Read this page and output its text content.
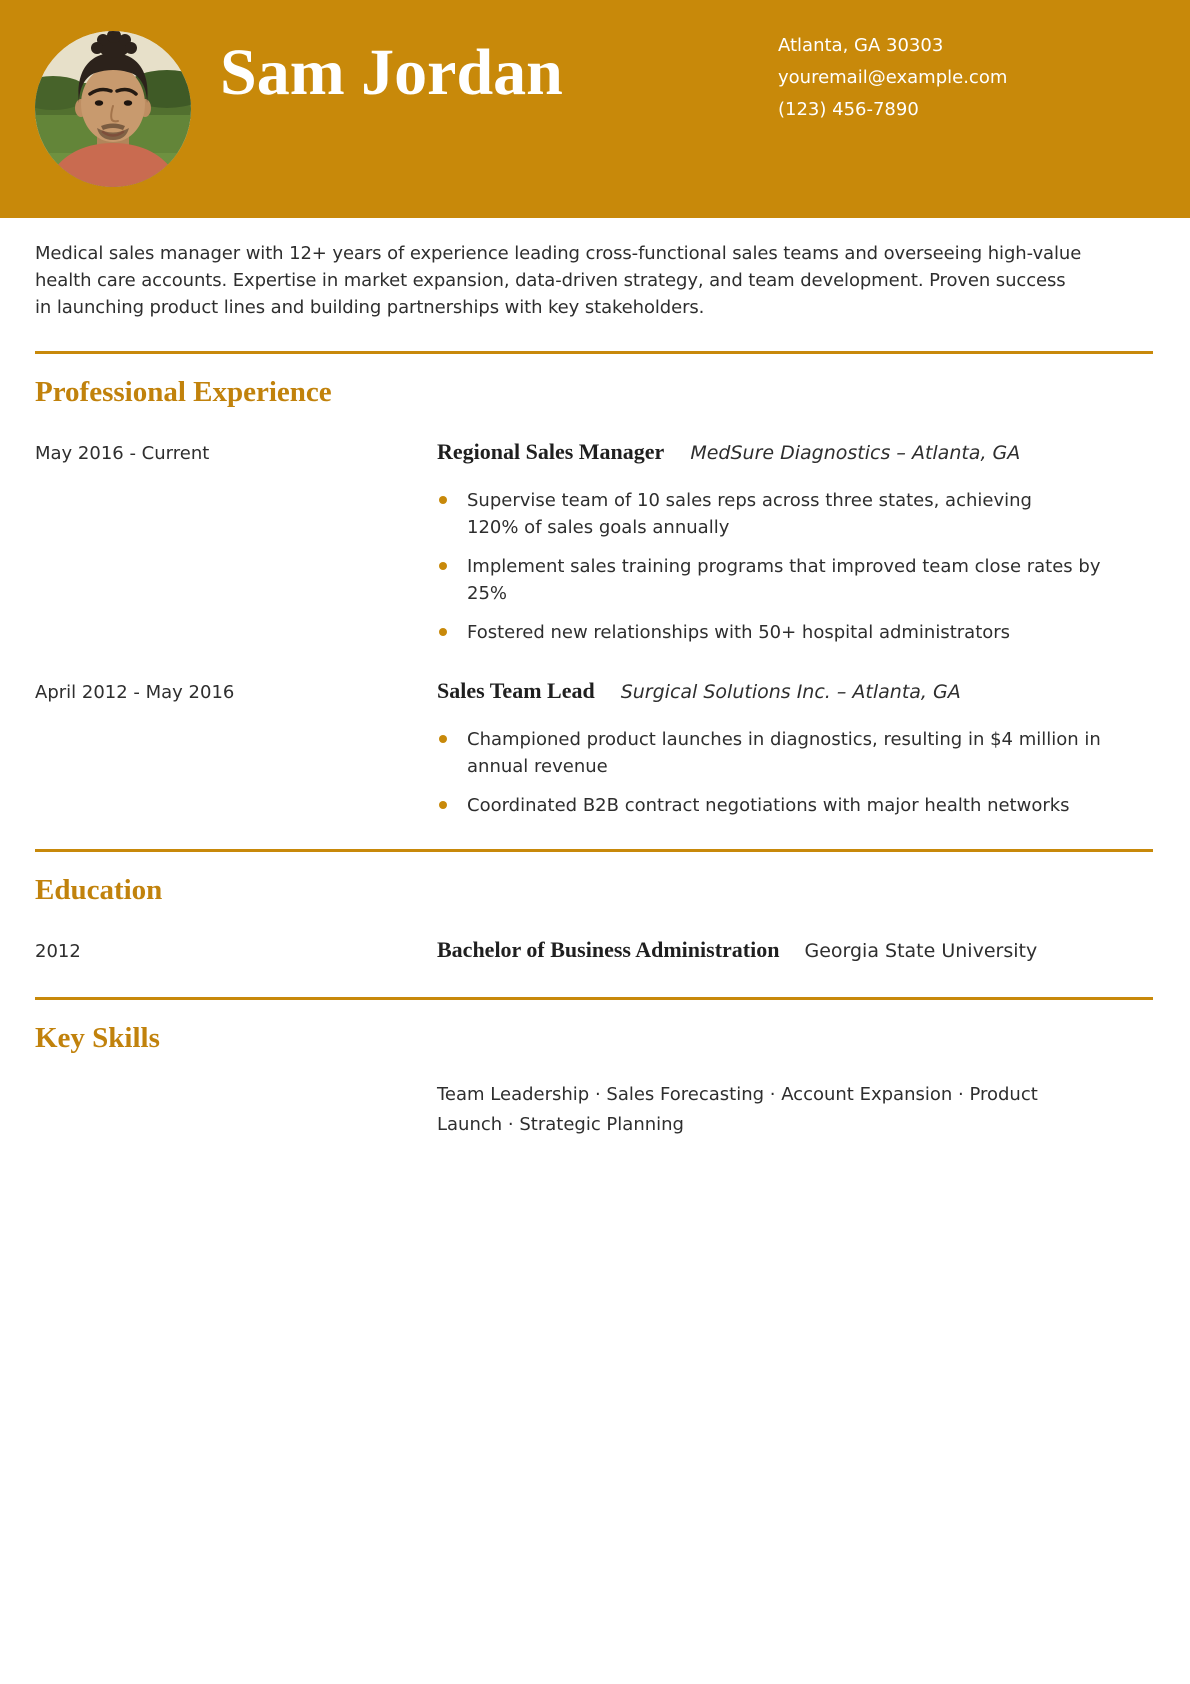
Sam Jordan	Atlanta, GA 30303
youremail@example.com
(123) 456-7890

Medical sales manager with 12+ years of experience leading cross-functional sales teams and overseeing high-value health care accounts. Expertise in market expansion, data-driven strategy, and team development. Proven success in launching product lines and building partnerships with key stakeholders.

Professional Experience
May 2016 - Current	Regional Sales Manager MedSure Diagnostics – Atlanta, GA
Supervise team of 10 sales reps across three states, achieving 120% of sales goals annually
Implement sales training programs that improved team close rates by 25%
Fostered new relationships with 50+ hospital administrators
April 2012 - May 2016	Sales Team Lead Surgical Solutions Inc. – Atlanta, GA
Championed product launches in diagnostics, resulting in $4 million in annual revenue
Coordinated B2B contract negotiations with major health networks
Education
2012	Bachelor of Business Administration Georgia State University
Key Skills
Team Leadership · Sales Forecasting · Account Expansion · Product Launch · Strategic Planning
